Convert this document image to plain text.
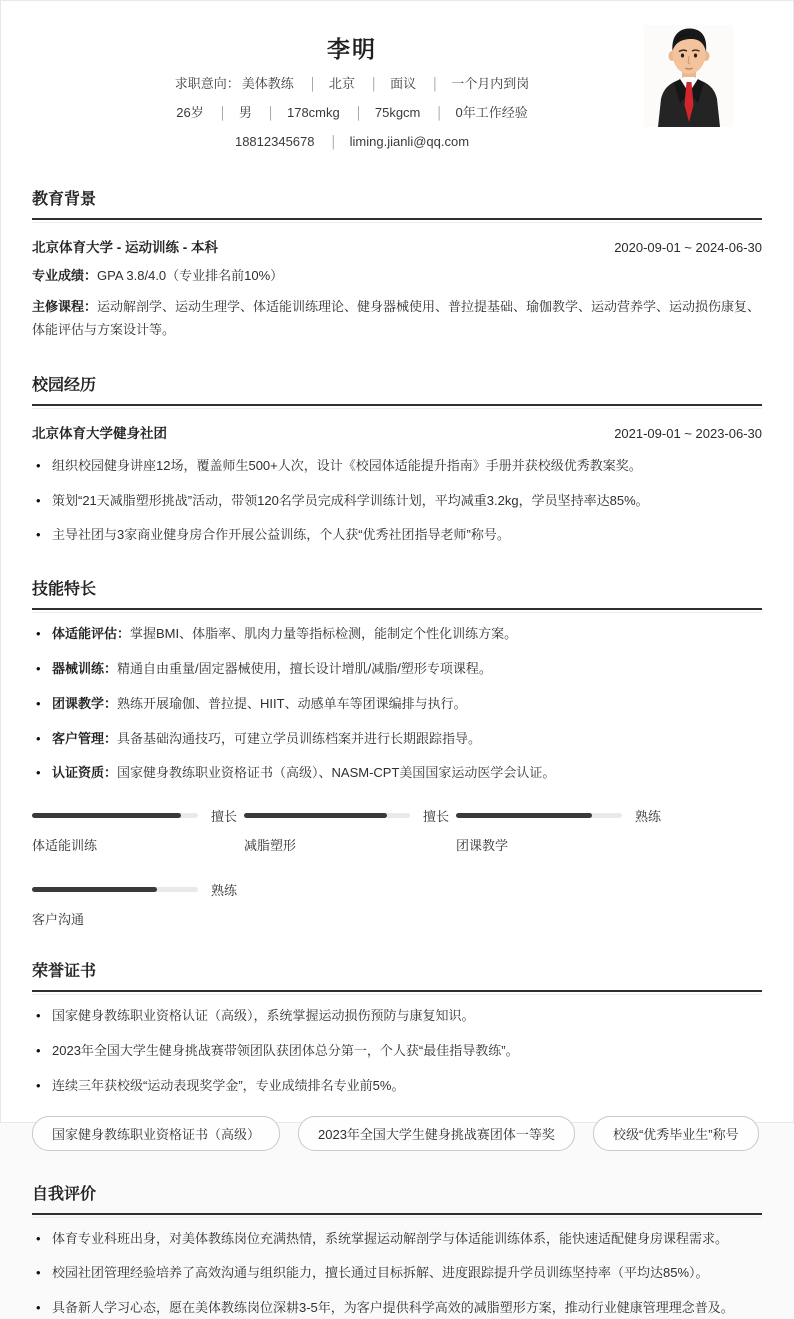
李明
求职意向： 美体教练	│ 北京	│ 面议	│ 一个月内到岗
26岁	│ 男	│ 178cmkg	│ 75kgcm	│ 0年工作经验
18812345678	│ liming.jianli@qq.com
教育背景
北京体育大学 - 运动训练 - 本科	2020-09-01 ~ 2024-06-30
专业成绩：GPA 3.8/4.0（专业排名前10%）
主修课程：运动解剖学、运动生理学、体适能训练理论、健身器械使用、普拉提基础、瑜伽教学、运动营养学、运动损伤康复、体能评估与方案设计等。
校园经历
北京体育大学健身社团	2021-09-01 ~ 2023-06-30
• 组织校园健身讲座12场，覆盖师生500+人次，设计《校园体适能提升指南》手册并获校级优秀教案奖。
• 策划“21天减脂塑形挑战”活动，带领120名学员完成科学训练计划，平均减重3.2kg，学员坚持率达85%。
• 主导社团与3家商业健身房合作开展公益训练，个人获“优秀社团指导老师”称号。
技能特长
• 体适能评估：掌握BMI、体脂率、肌肉力量等指标检测，能制定个性化训练方案。
• 器械训练：精通自由重量/固定器械使用，擅长设计增肌/减脂/塑形专项课程。
• 团课教学：熟练开展瑜伽、普拉提、HIIT、动感单车等团课编排与执行。
• 客户管理：具备基础沟通技巧，可建立学员训练档案并进行长期跟踪指导。
• 认证资质：国家健身教练职业资格证书（高级）、NASM-CPT美国国家运动医学会认证。
擅长
体适能训练
擅长
减脂塑形
熟练
团课教学
熟练
客户沟通
荣誉证书
• 国家健身教练职业资格认证（高级），系统掌握运动损伤预防与康复知识。
• 2023年全国大学生健身挑战赛带领团队获团体总分第一，个人获“最佳指导教练”。
• 连续三年获校级“运动表现奖学金”，专业成绩排名专业前5%。
国家健身教练职业资格证书（高级）	2023年全国大学生健身挑战赛团体一等奖	校级“优秀毕业生”称号
自我评价
• 体育专业科班出身，对美体教练岗位充满热情，系统掌握运动解剖学与体适能训练体系，能快速适配健身房课程需求。
• 校园社团管理经验培养了高效沟通与组织能力，擅长通过目标拆解、进度跟踪提升学员训练坚持率（平均达85%）。
• 具备新人学习心态，愿在美体教练岗位深耕3-5年，为客户提供科学高效的减脂塑形方案，推动行业健康管理理念普及。
